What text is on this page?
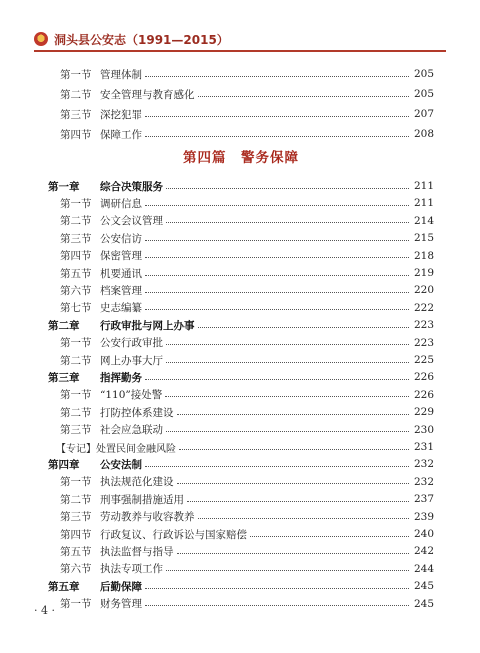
洞头县公安志（1991—2015）
第一节 管理体制	205
第二节 安全管理与教育感化	205
第三节 深挖犯罪	207
第四节 保障工作	208
第四篇　警务保障
第一章	综合决策服务	211
第一节 调研信息	211
第二节 公文会议管理	214
第三节 公安信访	215
第四节 保密管理	218
第五节 机要通讯	219
第六节 档案管理	220
第七节 史志编纂	222
第二章	行政审批与网上办事	223
第一节 公安行政审批	223
第二节 网上办事大厅	225
第三章	指挥勤务	226
第一节 “110”接处警	226
第二节 打防控体系建设	229
第三节 社会应急联动	230
【专记】处置民间金融风险	231
第四章	公安法制	232
第一节 执法规范化建设	232
第二节 刑事强制措施适用	237
第三节 劳动教养与收容教养	239
第四节 行政复议、行政诉讼与国家赔偿	240
第五节 执法监督与指导	242
第六节 执法专项工作	244
第五章	后勤保障	245
第一节 财务管理	245
· 4 ·
